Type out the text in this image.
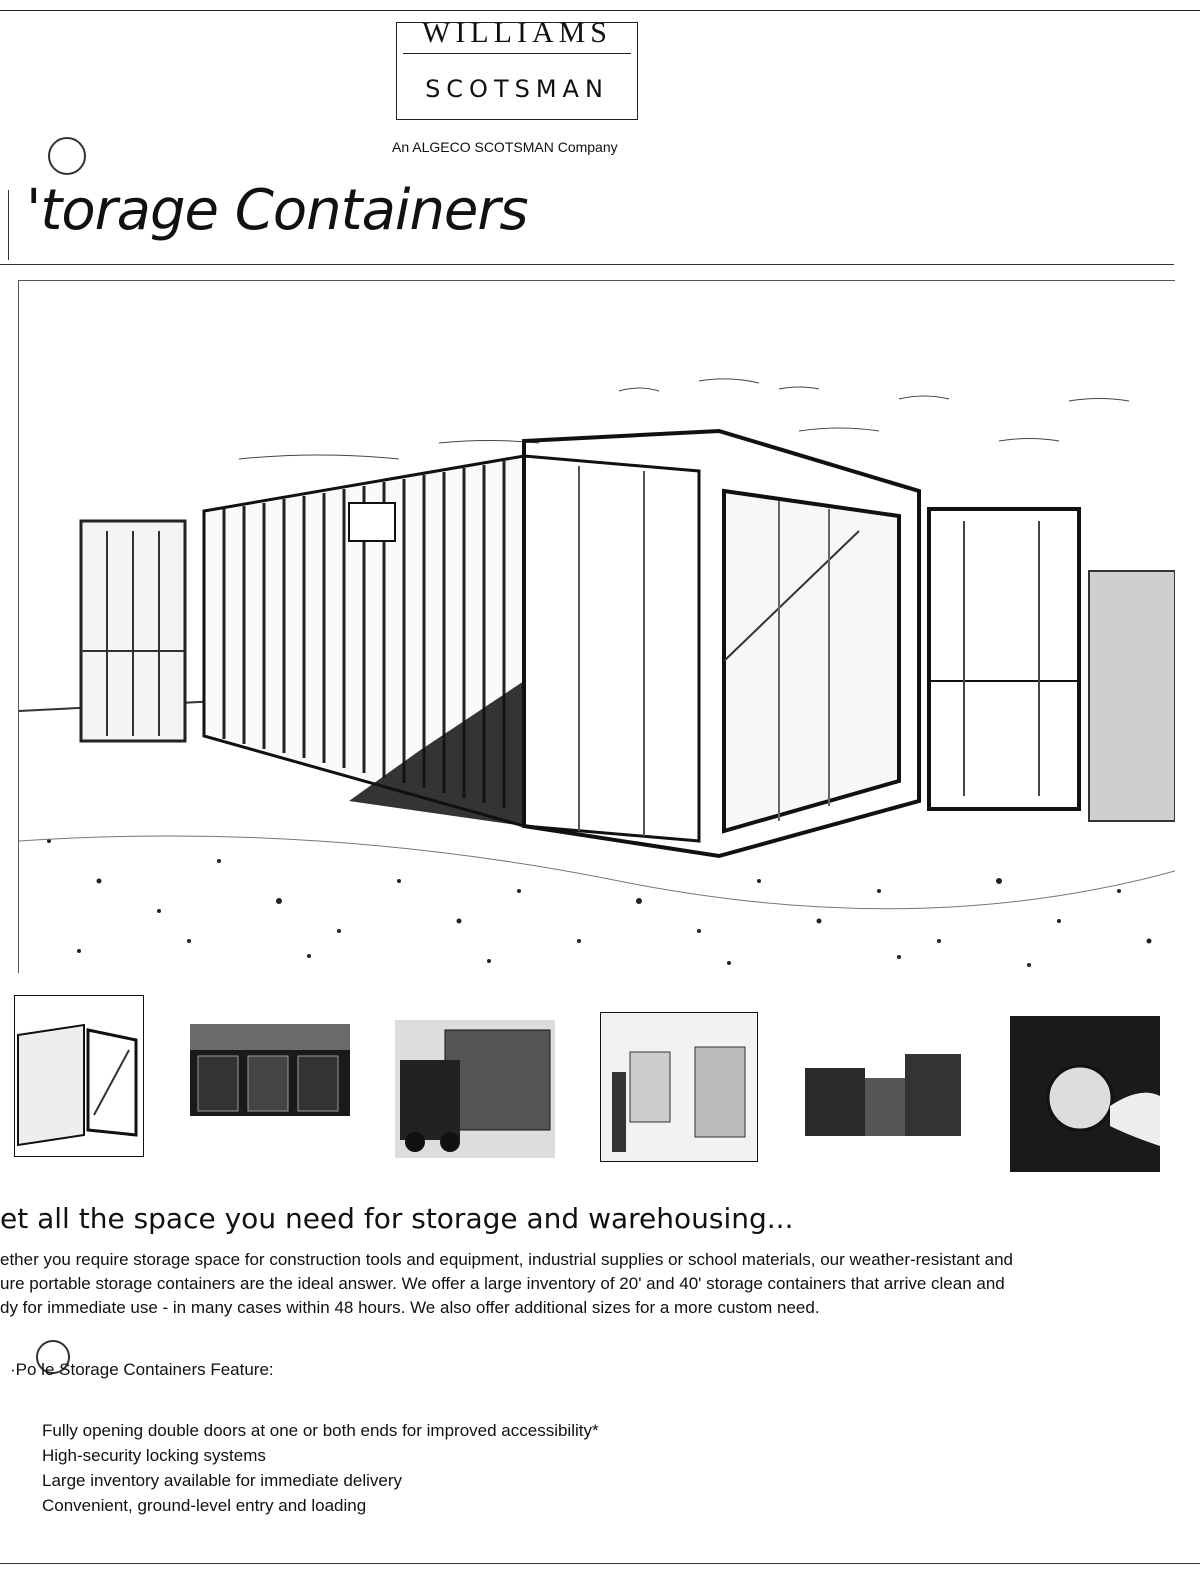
WILLIAMS
SCOTSMAN
An ALGECO SCOTSMAN Company
'torage Containers
et all the space you need for storage and warehousing...

ether you require storage space for construction tools and equipment, industrial supplies or school materials, our weather-resistant and

ure portable storage containers are the ideal answer. We offer a large inventory of 20' and 40' storage containers that arrive clean and

dy for immediate use - in many cases within 48 hours. We also offer additional sizes for a more custom need.

·Po le Storage Containers Feature:
Fully opening double doors at one or both ends for improved accessibility*
High-security locking systems
Large inventory available for immediate delivery
Convenient, ground-level entry and loading
